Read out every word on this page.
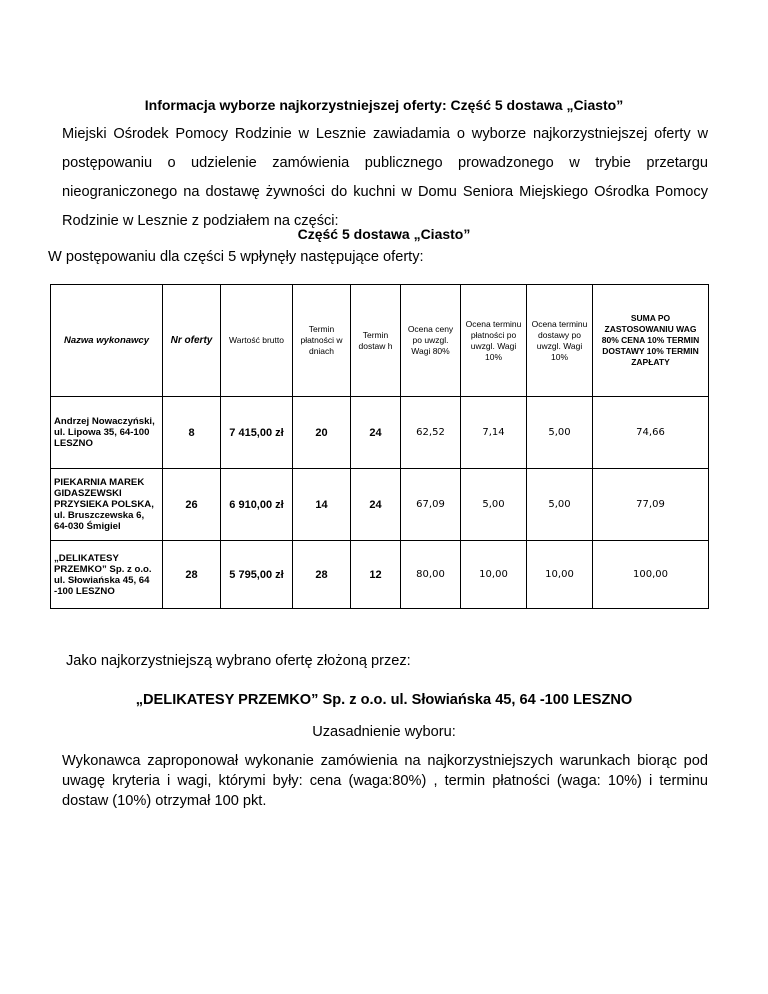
Informacja wyborze najkorzystniejszej oferty: Część 5 dostawa „Ciasto”
Miejski Ośrodek Pomocy Rodzinie w Lesznie zawiadamia o wyborze najkorzystniejszej oferty w postępowaniu o udzielenie zamówienia publicznego prowadzonego w trybie przetargu nieograniczonego na dostawę żywności do kuchni w Domu Seniora Miejskiego Ośrodka Pomocy Rodzinie w Lesznie z podziałem na części:
Część 5 dostawa „Ciasto”
W postępowaniu dla części 5 wpłynęły następujące oferty:
Nazwa wykonawcy	Nr oferty	Wartość brutto	Termin płatności w dniach	Termin dostaw h	Ocena ceny po uwzgl. Wagi 80%	Ocena terminu płatności po uwzgl. Wagi 10%	Ocena terminu dostawy po uwzgl. Wagi 10%	SUMA PO ZASTOSOWANIU WAG 80% CENA 10% TERMIN DOSTAWY 10% TERMIN ZAPŁATY
Andrzej Nowaczyński, ul. Lipowa 35, 64-100 LESZNO	8	7 415,00 zł	20	24	62,52	7,14	5,00	74,66
PIEKARNIA MAREK GIDASZEWSKI PRZYSIEKA POLSKA, ul. Bruszczewska 6, 64-030 Śmigiel	26	6 910,00 zł	14	24	67,09	5,00	5,00	77,09
„DELIKATESY PRZEMKO” Sp. z o.o. ul. Słowiańska 45, 64 -100 LESZNO	28	5 795,00 zł	28	12	80,00	10,00	10,00	100,00
Jako najkorzystniejszą wybrano ofertę złożoną przez:
„DELIKATESY PRZEMKO” Sp. z o.o. ul. Słowiańska 45, 64 -100 LESZNO
Uzasadnienie wyboru:
Wykonawca zaproponował wykonanie zamówienia na najkorzystniejszych warunkach biorąc pod uwagę kryteria i wagi, którymi były: cena (waga:80%) , termin płatności (waga: 10%) i terminu dostaw (10%) otrzymał 100 pkt.
